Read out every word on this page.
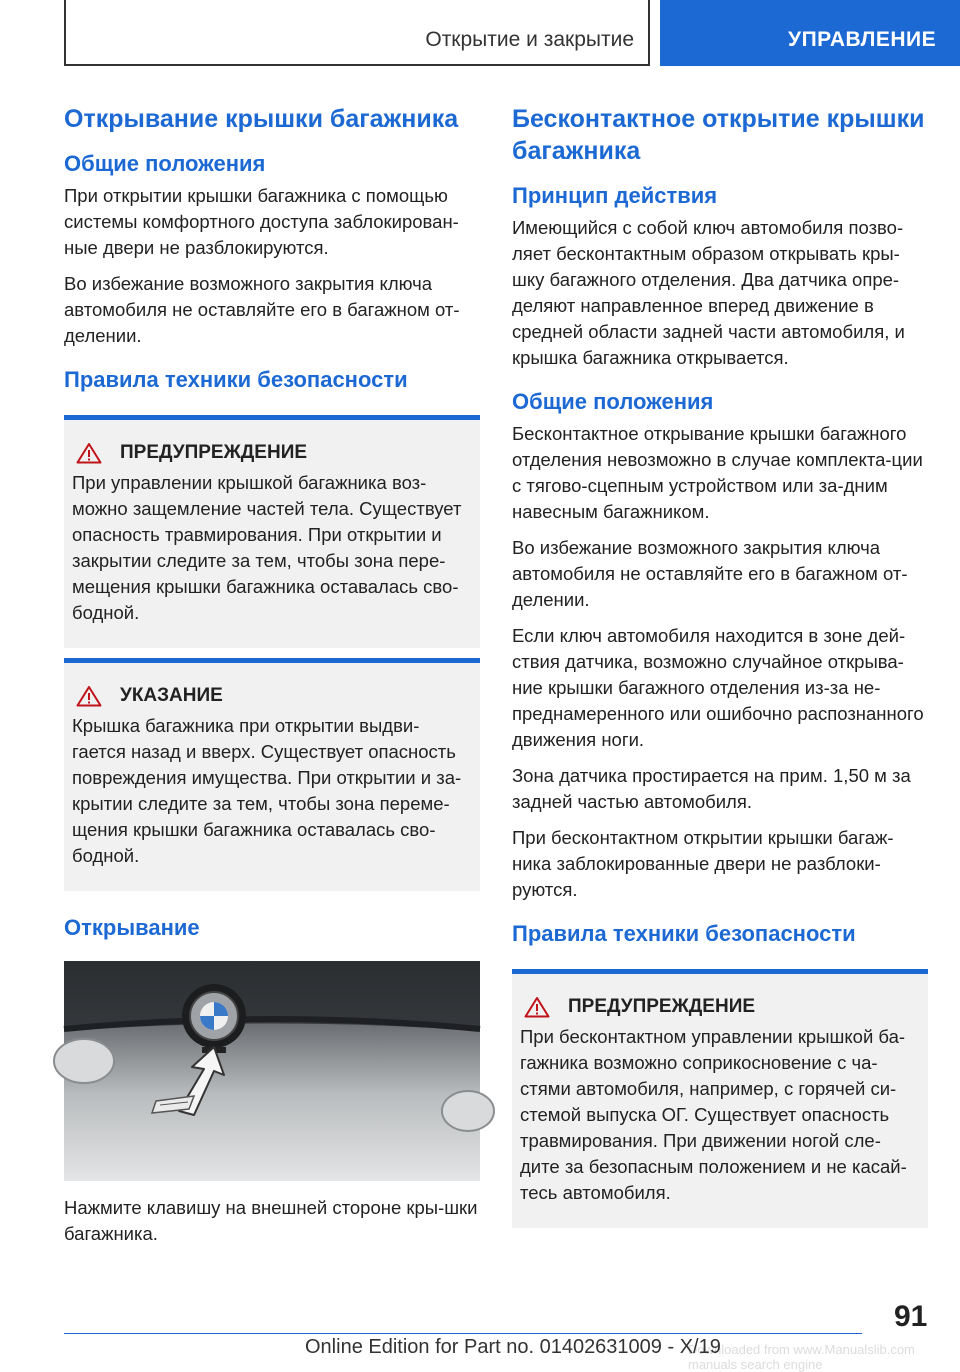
Открытие и закрытие	УПРАВЛЕНИЕ
Открывание крышки багажника
Общие положения

При открытии крышки багажника с помощью системы комфортного доступа заблокирован-ные двери не разблокируются.

Во избежание возможного закрытия ключа автомобиля не оставляйте его в багажном от-делении.

Правила техники безопасности
ПРЕДУПРЕЖДЕНИЕ

При управлении крышкой багажника воз-можно защемление частей тела. Существует опасность травмирования. При открытии и закрытии следите за тем, чтобы зона пере-мещения крышки багажника оставалась сво-бодной.

УКАЗАНИЕ

Крышка багажника при открытии выдви-гается назад и вверх. Существует опасность повреждения имущества. При открытии и за-крытии следите за тем, чтобы зона переме-щения крышки багажника оставалась сво-бодной.

Открывание

Нажмите клавишу на внешней стороне кры-шки багажника.

Бесконтактное открытие крышки багажника
Принцип действия

Имеющийся с собой ключ автомобиля позво-ляет бесконтактным образом открывать кры-шку багажного отделения. Два датчика опре-деляют направленное вперед движение в средней области задней части автомобиля, и крышка багажника открывается.

Общие положения

Бесконтактное открывание крышки багажного отделения невозможно в случае комплекта-ции с тягово-сцепным устройством или за-дним навесным багажником.

Во избежание возможного закрытия ключа автомобиля не оставляйте его в багажном от-делении.

Если ключ автомобиля находится в зоне дей-ствия датчика, возможно случайное открыва-ние крышки багажного отделения из-за не-преднамеренного или ошибочно распознанного движения ноги.

Зона датчика простирается на прим. 1,50 м за задней частью автомобиля.

При бесконтактном открытии крышки багаж-ника заблокированные двери не разблоки-руются.

Правила техники безопасности
ПРЕДУПРЕЖДЕНИЕ

При бесконтактном управлении крышкой ба-гажника возможно соприкосновение с ча-стями автомобиля, например, с горячей си-стемой выпуска ОГ. Существует опасность травмирования. При движении ногой сле-дите за безопасным положением и не касай-тесь автомобиля.

91
Downloaded from www.Manualslib.com manuals search engine
Online Edition for Part no. 01402631009 - X/19
